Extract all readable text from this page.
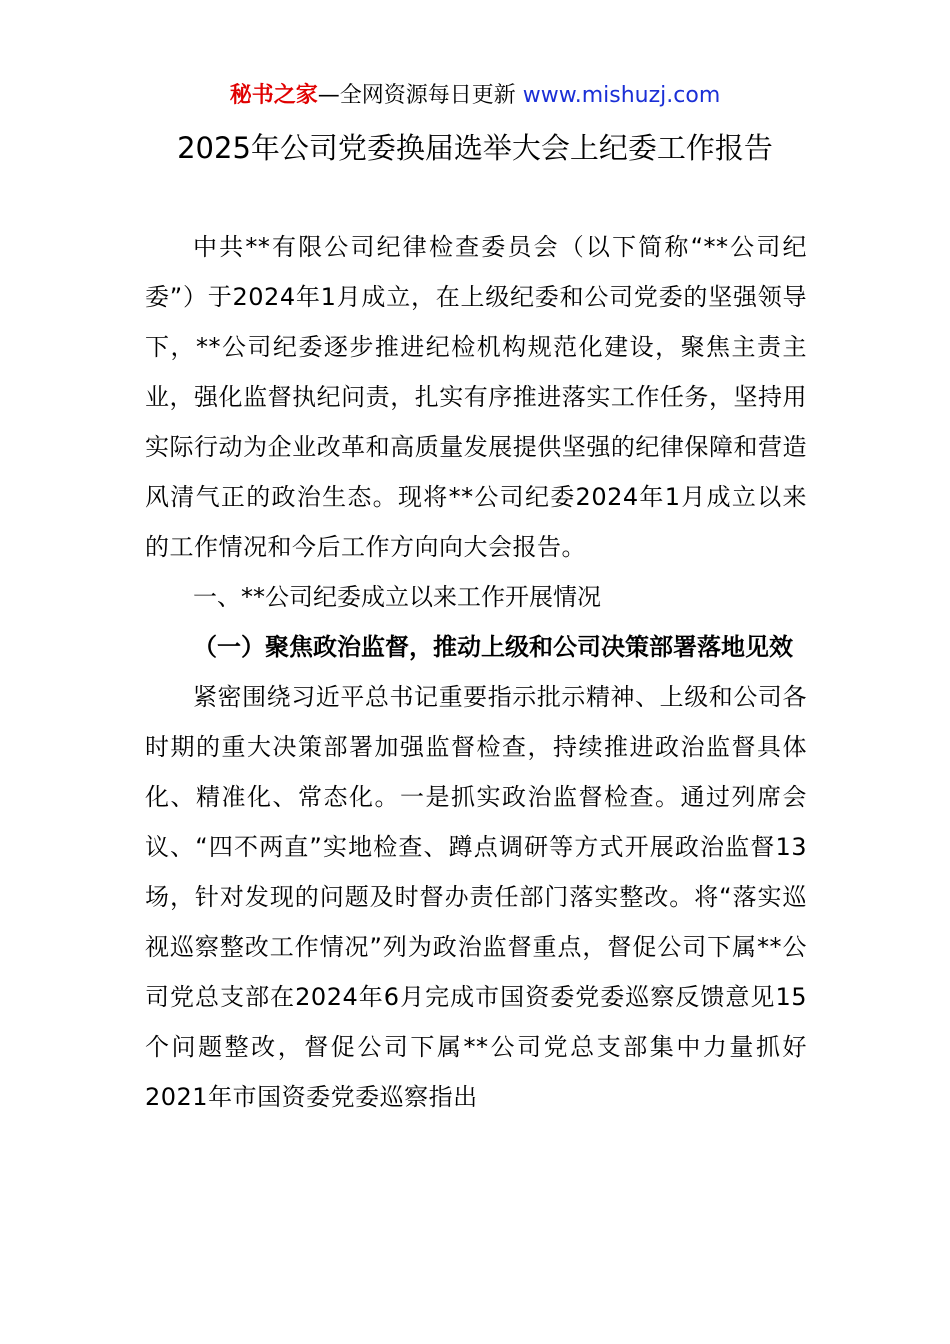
秘书之家—全网资源每日更新 www.mishuzj.com
2025年公司党委换届选举大会上纪委工作报告

中共**有限公司纪律检查委员会（以下简称“**公司纪委”）于2024年1月成立，在上级纪委和公司党委的坚强领导下，**公司纪委逐步推进纪检机构规范化建设，聚焦主责主业，强化监督执纪问责，扎实有序推进落实工作任务，坚持用实际行动为企业改革和高质量发展提供坚强的纪律保障和营造风清气正的政治生态。现将**公司纪委2024年1月成立以来的工作情况和今后工作方向向大会报告。

一、**公司纪委成立以来工作开展情况

（一）聚焦政治监督，推动上级和公司决策部署落地见效

紧密围绕习近平总书记重要指示批示精神、上级和公司各时期的重大决策部署加强监督检查，持续推进政治监督具体化、精准化、常态化。一是抓实政治监督检查。通过列席会议、“四不两直”实地检查、蹲点调研等方式开展政治监督13场，针对发现的问题及时督办责任部门落实整改。将“落实巡视巡察整改工作情况”列为政治监督重点，督促公司下属**公司党总支部在2024年6月完成市国资委党委巡察反馈意见15个问题整改，督促公司下属**公司党总支部集中力量抓好2021年市国资委党委巡察指出
